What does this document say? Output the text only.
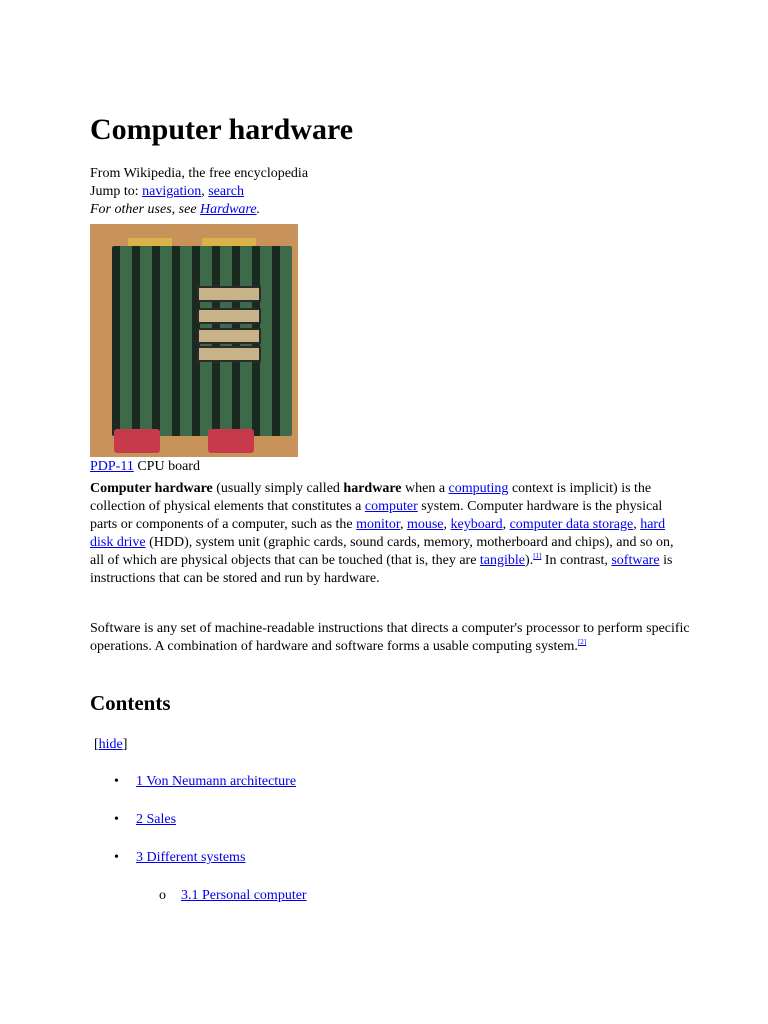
Computer hardware
From Wikipedia, the free encyclopedia
Jump to: navigation, search
For other uses, see Hardware.
PDP-11 CPU board

Computer hardware (usually simply called hardware when a computing context is implicit) is the collection of physical elements that constitutes a computer system. Computer hardware is the physical parts or components of a computer, such as the monitor, mouse, keyboard, computer data storage, hard disk drive (HDD), system unit (graphic cards, sound cards, memory, motherboard and chips), and so on, all of which are physical objects that can be touched (that is, they are tangible).[1] In contrast, software is instructions that can be stored and run by hardware.

Software is any set of machine-readable instructions that directs a computer's processor to perform specific operations. A combination of hardware and software forms a usable computing system.[2]

Contents
[hide]
• 1 Von Neumann architecture
• 2 Sales
• 3 Different systems
o 3.1 Personal computer
